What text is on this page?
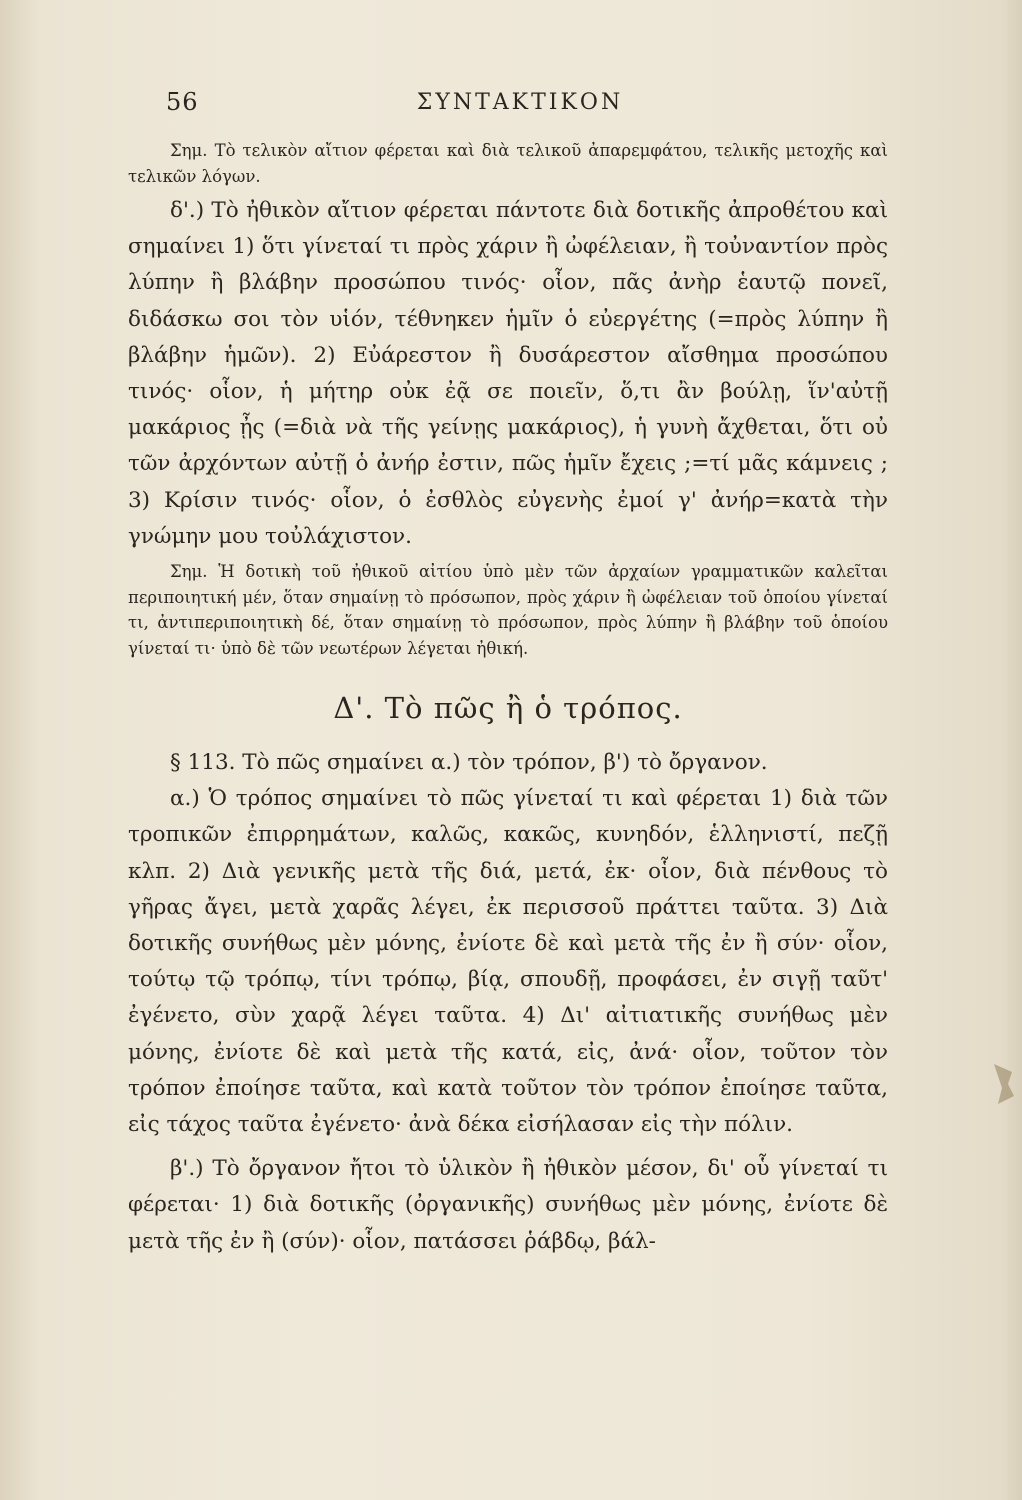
56	ΣΥΝΤΑΚΤΙΚΟΝ

Σημ. Τὸ τελικὸν αἴτιον φέρεται καὶ διὰ τελικοῦ ἀπαρεμφάτου, τελικῆς μετοχῆς καὶ τελικῶν λόγων.

δ'.) Τὸ ἠθικὸν αἴτιον φέρεται πάντοτε διὰ δοτικῆς ἀπροθέτου καὶ σημαίνει 1) ὅτι γίνεταί τι πρὸς χάριν ἢ ὠφέλειαν, ἢ τοὐναντίον πρὸς λύπην ἢ βλάβην προσώπου τινός· οἷον, πᾶς ἀνὴρ ἑαυτῷ πονεῖ, διδάσκω σοι τὸν υἱόν, τέθνηκεν ἡμῖν ὁ εὐεργέτης (=πρὸς λύπην ἢ βλάβην ἡμῶν). 2) Εὐάρεστον ἢ δυσάρεστον αἴσθημα προσώπου τινός· οἷον, ἡ μήτηρ οὐκ ἐᾷ σε ποιεῖν, ὅ,τι ἂν βούλῃ, ἵν'αὐτῇ μακάριος ᾖς (=διὰ νὰ τῆς γείνῃς μακάριος), ἡ γυνὴ ἄχθεται, ὅτι οὐ τῶν ἀρχόντων αὐτῇ ὁ ἀνήρ ἐστιν, πῶς ἡμῖν ἔχεις ;=τί μᾶς κάμνεις ; 3) Κρίσιν τινός· οἷον, ὁ ἐσθλὸς εὐγενὴς ἐμοί γ' ἀνήρ=κατὰ τὴν γνώμην μου τοὐλάχιστον.

Σημ. Ἡ δοτικὴ τοῦ ἠθικοῦ αἰτίου ὑπὸ μὲν τῶν ἀρχαίων γραμματικῶν καλεῖται περιποιητική μέν, ὅταν σημαίνῃ τὸ πρόσωπον, πρὸς χάριν ἢ ὠφέλειαν τοῦ ὁποίου γίνεταί τι, ἀντιπεριποιητικὴ δέ, ὅταν σημαίνῃ τὸ πρόσωπον, πρὸς λύπην ἢ βλάβην τοῦ ὁποίου γίνεταί τι· ὑπὸ δὲ τῶν νεωτέρων λέγεται ἠθική.

Δ'. Τὸ πῶς ἢ ὁ τρόπος.

§ 113. Τὸ πῶς σημαίνει α.) τὸν τρόπον, β') τὸ ὄργανον.

α.) Ὁ τρόπος σημαίνει τὸ πῶς γίνεταί τι καὶ φέρεται 1) διὰ τῶν τροπικῶν ἐπιρρημάτων, καλῶς, κακῶς, κυνηδόν, ἑλληνιστί, πεζῇ κλπ. 2) Διὰ γενικῆς μετὰ τῆς διά, μετά, ἐκ· οἷον, διὰ πένθους τὸ γῆρας ἄγει, μετὰ χαρᾶς λέγει, ἐκ περισσοῦ πράττει ταῦτα. 3) Διὰ δοτικῆς συνήθως μὲν μόνης, ἐνίοτε δὲ καὶ μετὰ τῆς ἐν ἢ σύν· οἷον, τούτῳ τῷ τρόπῳ, τίνι τρόπῳ, βίᾳ, σπουδῇ, προφάσει, ἐν σιγῇ ταῦτ' ἐγένετο, σὺν χαρᾷ λέγει ταῦτα. 4) Δι' αἰτιατικῆς συνήθως μὲν μόνης, ἐνίοτε δὲ καὶ μετὰ τῆς κατά, εἰς, ἀνά· οἷον, τοῦτον τὸν τρόπον ἐποίησε ταῦτα, καὶ κατὰ τοῦτον τὸν τρόπον ἐποίησε ταῦτα, εἰς τάχος ταῦτα ἐγένετο· ἀνὰ δέκα εἰσήλασαν εἰς τὴν πόλιν.

β'.) Τὸ ὄργανον ἤτοι τὸ ὑλικὸν ἢ ἠθικὸν μέσον, δι' οὗ γίνεταί τι φέρεται· 1) διὰ δοτικῆς (ὀργανικῆς) συνήθως μὲν μόνης, ἐνίοτε δὲ μετὰ τῆς ἐν ἢ (σύν)· οἷον, πατάσσει ῥάβδῳ, βάλ-
